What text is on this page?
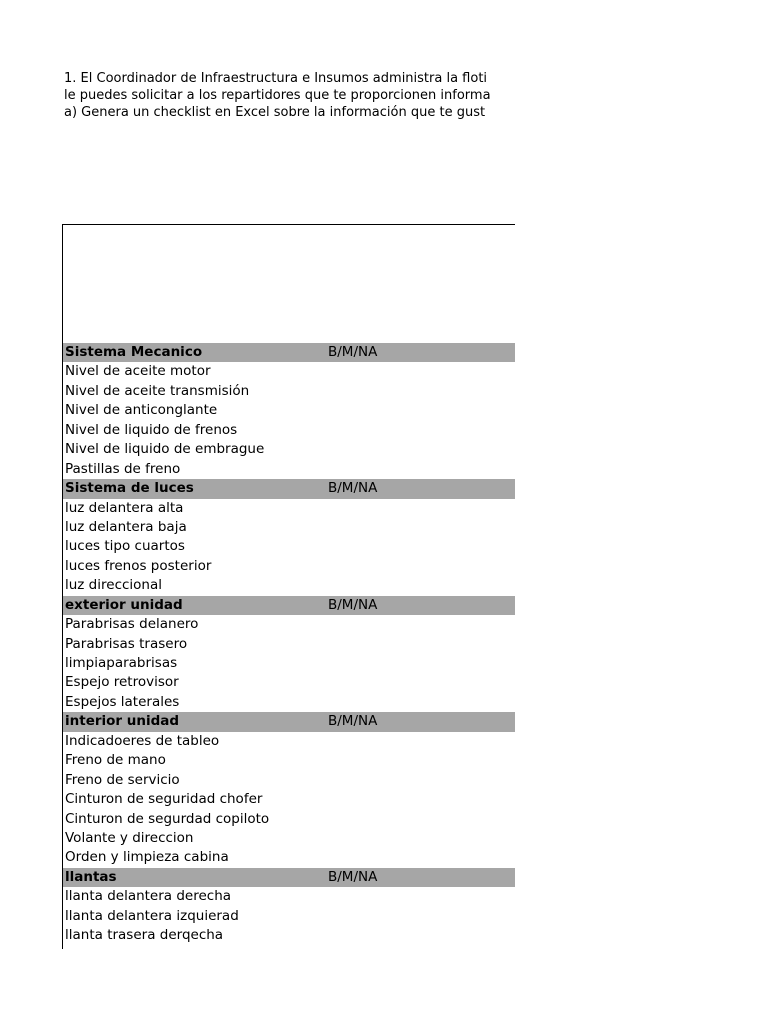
1. El Coordinador de Infraestructura e Insumos administra la floti
le puedes solicitar a los repartidores que te proporcionen informa
a) Genera un checklist en Excel sobre la información que te gust
Sistema Mecanico	B/M/NA
Nivel de aceite motor
Nivel de aceite transmisión
Nivel de anticonglante
Nivel de liquido de frenos
Nivel de liquido de embrague
Pastillas de freno
Sistema de luces	B/M/NA
luz delantera alta
luz delantera baja
luces tipo cuartos
luces frenos posterior
luz direccional
exterior unidad	B/M/NA
Parabrisas delanero
Parabrisas trasero
limpiaparabrisas
Espejo retrovisor
Espejos laterales
interior unidad	B/M/NA
Indicadoeres de tableo
Freno de mano
Freno de servicio
Cinturon de seguridad chofer
Cinturon de segurdad copiloto
Volante y direccion
Orden y limpieza cabina
llantas	B/M/NA
llanta delantera derecha
llanta delantera izquierad
llanta trasera derqecha
